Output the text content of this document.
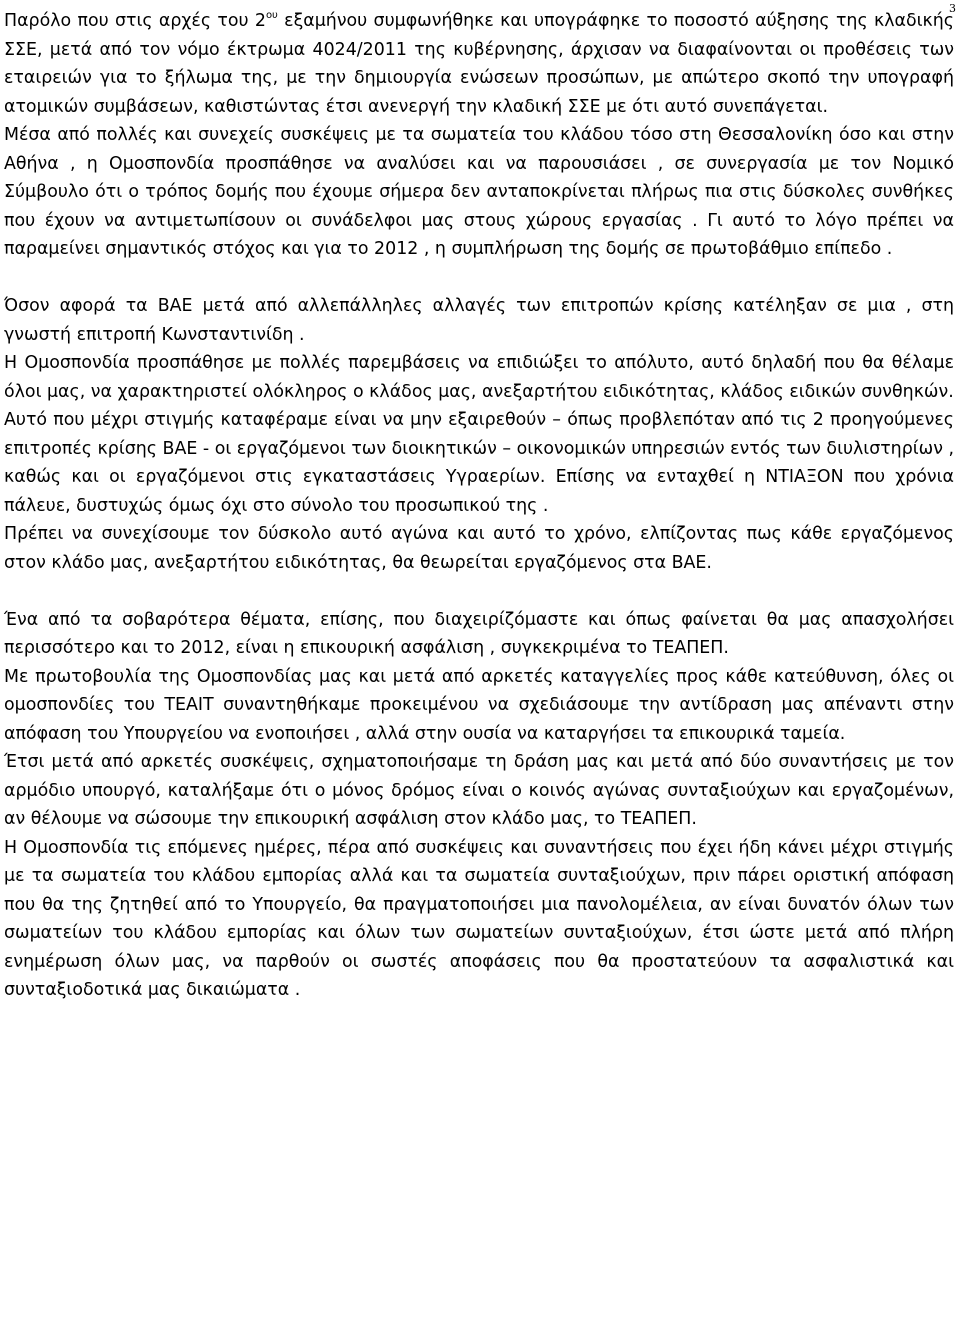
3

Παρόλο που στις αρχές του $2^{o\upsilon}$ εξαμήνου συμφωνήθηκε και υπογράφηκε το ποσοστό αύξησης της κλαδικής ΣΣΕ, μετά από τον νόμο έκτρωμα 4024/2011 της κυβέρνησης, άρχισαν να διαφαίνονται οι προθέσεις των εταιρειών για το ξήλωμα της, με την δημιουργία ενώσεων προσώπων, με απώτερο σκοπό την υπογραφή ατομικών συμβάσεων, καθιστώντας έτσι ανενεργή την κλαδική ΣΣΕ με ότι αυτό συνεπάγεται.

Μέσα από πολλές και συνεχείς συσκέψεις με τα σωματεία του κλάδου τόσο στη Θεσσαλονίκη όσο και στην Αθήνα , η Ομοσπονδία προσπάθησε να αναλύσει και να παρουσιάσει , σε συνεργασία με τον Νομικό Σύμβουλο ότι ο τρόπος δομής που έχουμε σήμερα δεν ανταποκρίνεται πλήρως πια στις δύσκολες συνθήκες που έχουν να αντιμετωπίσουν οι συνάδελφοι μας στους χώρους εργασίας . Γι αυτό το λόγο πρέπει να παραμείνει σημαντικός στόχος και για το 2012 , η συμπλήρωση της δομής σε πρωτοβάθμιο επίπεδο .

Όσον αφορά τα ΒΑΕ μετά από αλλεπάλληλες αλλαγές των επιτροπών κρίσης κατέληξαν σε μια , στη γνωστή επιτροπή Κωνσταντινίδη .

Η Ομοσπονδία προσπάθησε με πολλές παρεμβάσεις να επιδιώξει το απόλυτο, αυτό δηλαδή που θα θέλαμε όλοι μας, να χαρακτηριστεί ολόκληρος ο κλάδος μας, ανεξαρτήτου ειδικότητας, κλάδος ειδικών συνθηκών.

Αυτό που μέχρι στιγμής καταφέραμε είναι να μην εξαιρεθούν – όπως προβλεπόταν από τις 2 προηγούμενες επιτροπές κρίσης ΒΑΕ - οι εργαζόμενοι των διοικητικών – οικονομικών υπηρεσιών εντός των διυλιστηρίων , καθώς και οι εργαζόμενοι στις εγκαταστάσεις Υγραερίων. Επίσης να ενταχθεί η ΝΤΙΑΞΟΝ που χρόνια πάλευε, δυστυχώς όμως όχι στο σύνολο του προσωπικού της .

Πρέπει να συνεχίσουμε τον δύσκολο αυτό αγώνα και αυτό το χρόνο, ελπίζοντας πως κάθε εργαζόμενος στον κλάδο μας, ανεξαρτήτου ειδικότητας, θα θεωρείται εργαζόμενος στα ΒΑΕ.

Ένα από τα σοβαρότερα θέματα, επίσης, που διαχειρίζόμαστε και όπως φαίνεται θα μας απασχολήσει περισσότερο και το 2012, είναι η επικουρική ασφάλιση , συγκεκριμένα το ΤΕΑΠΕΠ.

Με πρωτοβουλία της Ομοσπονδίας μας και μετά από αρκετές καταγγελίες προς κάθε κατεύθυνση, όλες οι ομοσπονδίες του ΤΕΑΙΤ συναντηθήκαμε προκειμένου να σχεδιάσουμε την αντίδραση μας απέναντι στην απόφαση του Υπουργείου να ενοποιήσει , αλλά στην ουσία να καταργήσει τα επικουρικά ταμεία.

Έτσι μετά από αρκετές συσκέψεις, σχηματοποιήσαμε τη δράση μας και μετά από δύο συναντήσεις με τον αρμόδιο υπουργό, καταλήξαμε ότι ο μόνος δρόμος είναι ο κοινός αγώνας συνταξιούχων και εργαζομένων, αν θέλουμε να σώσουμε την επικουρική ασφάλιση στον κλάδο μας, το ΤΕΑΠΕΠ.

Η Ομοσπονδία τις επόμενες ημέρες, πέρα από συσκέψεις και συναντήσεις που έχει ήδη κάνει μέχρι στιγμής με τα σωματεία του κλάδου εμπορίας αλλά και τα σωματεία συνταξιούχων, πριν πάρει οριστική απόφαση που θα της ζητηθεί από το Υπουργείο, θα πραγματοποιήσει μια πανολομέλεια, αν είναι δυνατόν όλων των σωματείων του κλάδου εμπορίας και όλων των σωματείων συνταξιούχων, έτσι ώστε μετά από πλήρη ενημέρωση όλων μας, να παρθούν οι σωστές αποφάσεις που θα προστατεύουν τα ασφαλιστικά και συνταξιοδοτικά μας δικαιώματα .
